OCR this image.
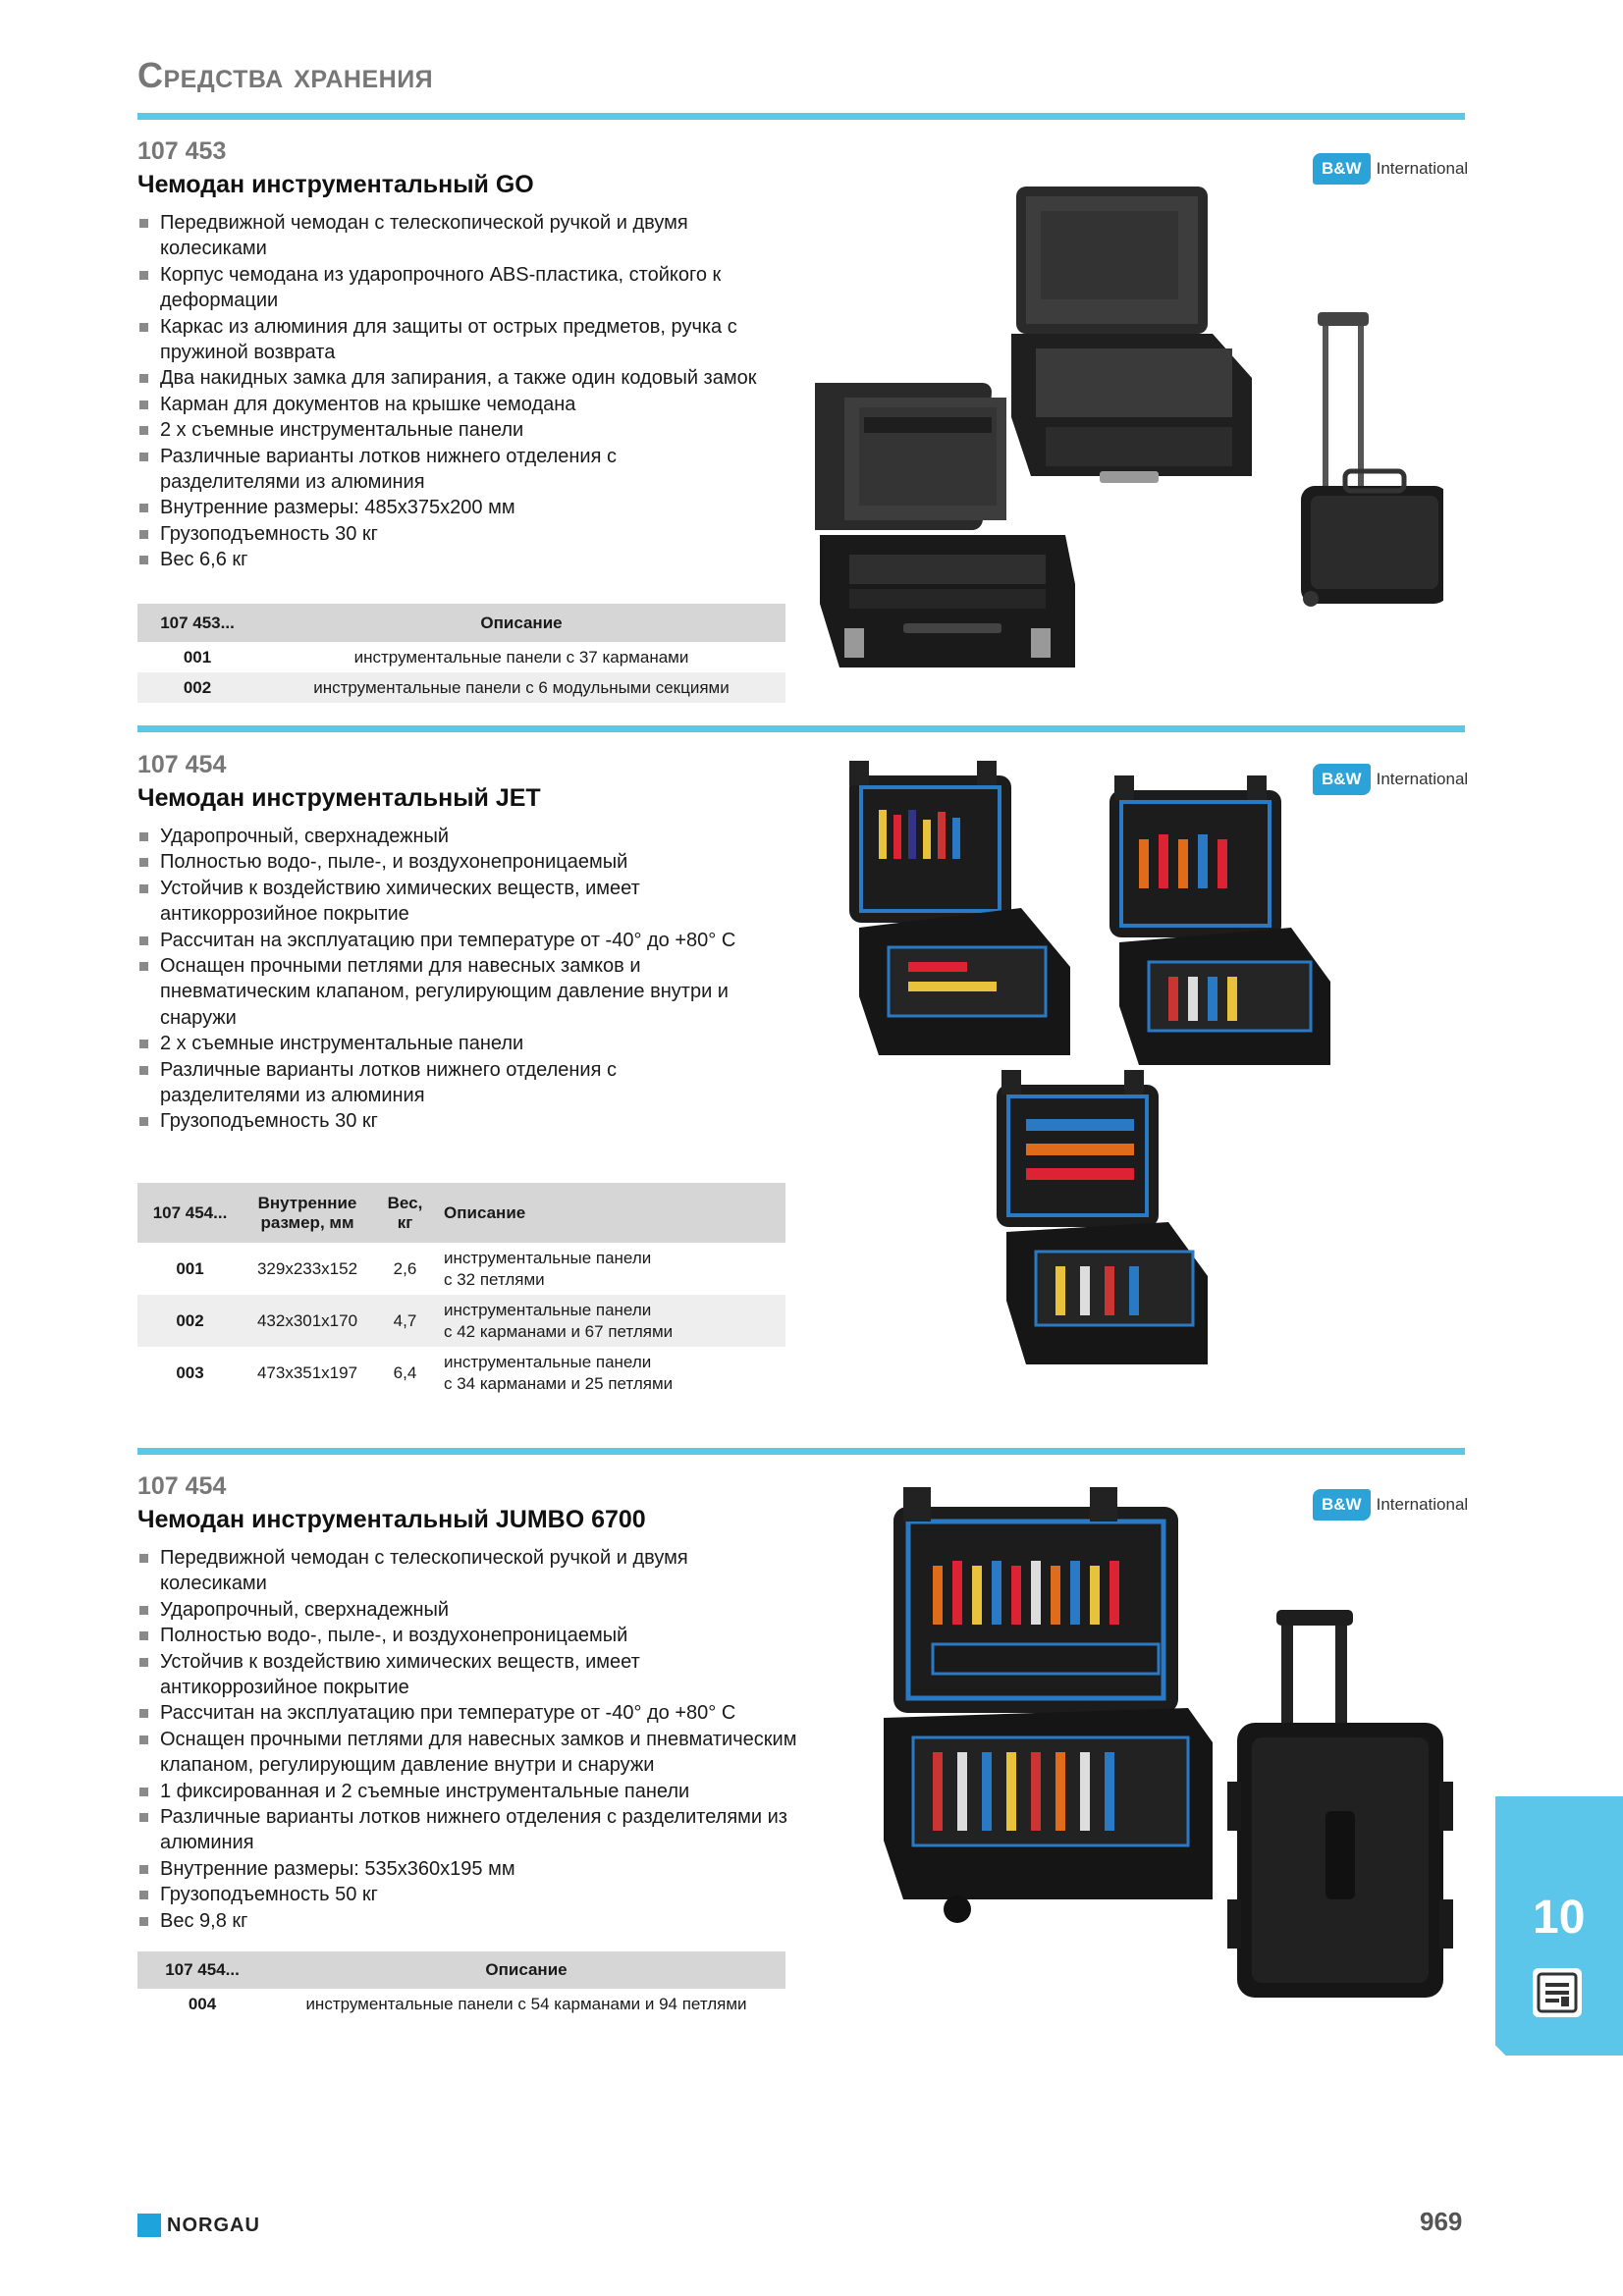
Средства хранения
107 453
Чемодан инструментальный GO
Передвижной чемодан с телескопической ручкой и двумя
колесиками
Корпус чемодана из ударопрочного ABS-пластика, стойкого к
деформации
Каркас из алюминия для защиты от острых предметов, ручка с
пружиной возврата
Два накидных замка для запирания, а также один кодовый замок
Карман для документов на крышке чемодана
2 х съемные инструментальные панели
Различные варианты лотков нижнего отделения с
разделителями из алюминия
Внутренние размеры: 485x375x200 мм
Грузоподъемность 30 кг
Вес 6,6 кг
107 453...	Описание
001	инструментальные панели с 37 карманами
002	инструментальные панели с 6 модульными секциями
B&W International
107 454
Чемодан инструментальный JET
Ударопрочный, сверхнадежный
Полностью водо-, пыле-, и воздухонепроницаемый
Устойчив к воздействию химических веществ, имеет
антикоррозийное покрытие
Рассчитан на эксплуатацию при температуре от -40° до +80° С
Оснащен прочными петлями для навесных замков и
пневматическим клапаном, регулирующим давление внутри и
снаружи
2 х съемные инструментальные панели
Различные варианты лотков нижнего отделения с
разделителями из алюминия
Грузоподъемность 30 кг
107 454...	Внутренние размер, мм	Вес, кг	Описание
001	329x233x152	2,6	инструментальные панели
с 32 петлями

002	432x301x170	4,7	инструментальные панели
с 42 карманами и 67 петлями

003	473x351x197	6,4	инструментальные панели
с 34 карманами и 25 петлями
B&W International
107 454
Чемодан инструментальный JUMBO 6700
Передвижной чемодан с телескопической ручкой и двумя
колесиками
Ударопрочный, сверхнадежный
Полностью водо-, пыле-, и воздухонепроницаемый
Устойчив к воздействию химических веществ, имеет
антикоррозийное покрытие
Рассчитан на эксплуатацию при температуре от -40° до +80° С
Оснащен прочными петлями для навесных замков и пневматическим
клапаном, регулирующим давление внутри и снаружи
1 фиксированная и 2 съемные инструментальные панели
Различные варианты лотков нижнего отделения с разделителями из
алюминия
Внутренние размеры: 535x360x195 мм
Грузоподъемность 50 кг
Вес 9,8 кг
107 454...	Описание
004	инструментальные панели с 54 карманами и 94 петлями
B&W International
10
NORGAU	969
